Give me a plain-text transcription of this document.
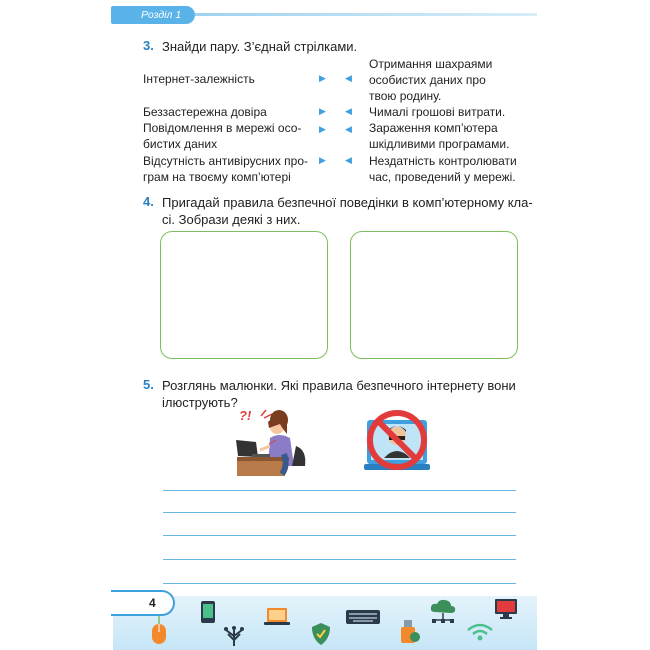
Розділ 1
3. Знайди пару. З’єднай стрілками.
Інтернет-залежність
Беззастережна довіра
Повідомлення в мережі осо-
бистих даних
Відсутність антивірусних про-
грам на твоєму комп’ютері
▶ ◀
▶ ◀
▶ ◀
▶ ◀
Отримання шахраями
особистих даних про
твою родину.
Чималі грошові витрати.
Зараження комп’ютера
шкідливими програмами.
Нездатність контролювати
час, проведений у мережі.
4. Пригадай правила безпечної поведінки в комп’ютерному кла-
сі. Зобрази деякі з них.
5. Розглянь малюнки. Які правила безпечного інтернету вони
ілюструють?
?!
4
